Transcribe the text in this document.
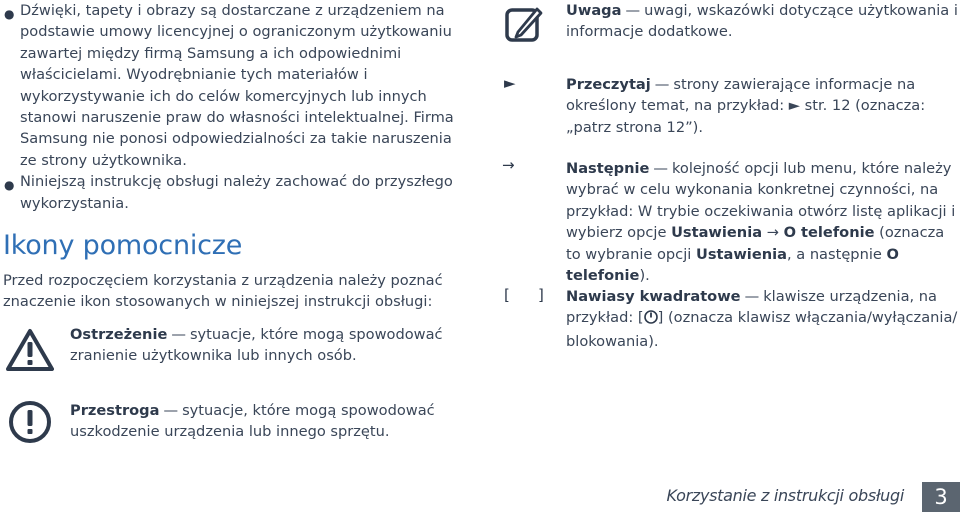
● Dźwięki, tapety i obrazy są dostarczane z urządzeniem na podstawie umowy licencyjnej o ograniczonym użytkowaniu zawartej między firmą Samsung a ich odpowiednimi właścicielami. Wyodrębnianie tych materiałów i wykorzystywanie ich do celów komercyjnych lub innych stanowi naruszenie praw do własności intelektualnej. Firma Samsung nie ponosi odpowiedzialności za takie naruszenia ze strony użytkownika.
● Niniejszą instrukcję obsługi należy zachować do przyszłego wykorzystania.
Ikony pomocnicze

Przed rozpoczęciem korzystania z urządzenia należy poznać znaczenie ikon stosowanych w niniejszej instrukcji obsługi:

Ostrzeżenie — sytuacje, które mogą spowodować zranienie użytkownika lub innych osób.
Przestroga — sytuacje, które mogą spowodować uszkodzenie urządzenia lub innego sprzętu.
Uwaga — uwagi, wskazówki dotyczące użytkowania i informacje dodatkowe.
►	Przeczytaj — strony zawierające informacje na określony temat, na przykład: ► str. 12 (oznacza: „patrz strona 12”).
→	Następnie — kolejność opcji lub menu, które należy wybrać w celu wykonania konkretnej czynności, na przykład: W trybie oczekiwania otwórz listę aplikacji i wybierz opcje Ustawienia → O telefonie (oznacza to wybranie opcji Ustawienia, a następnie O telefonie).
[ ] Nawiasy kwadratowe — klawisze urządzenia, na przykład: [ ] (oznacza klawisz włączania/wyłączania/ blokowania).
Korzystanie z instrukcji obsługi	3
